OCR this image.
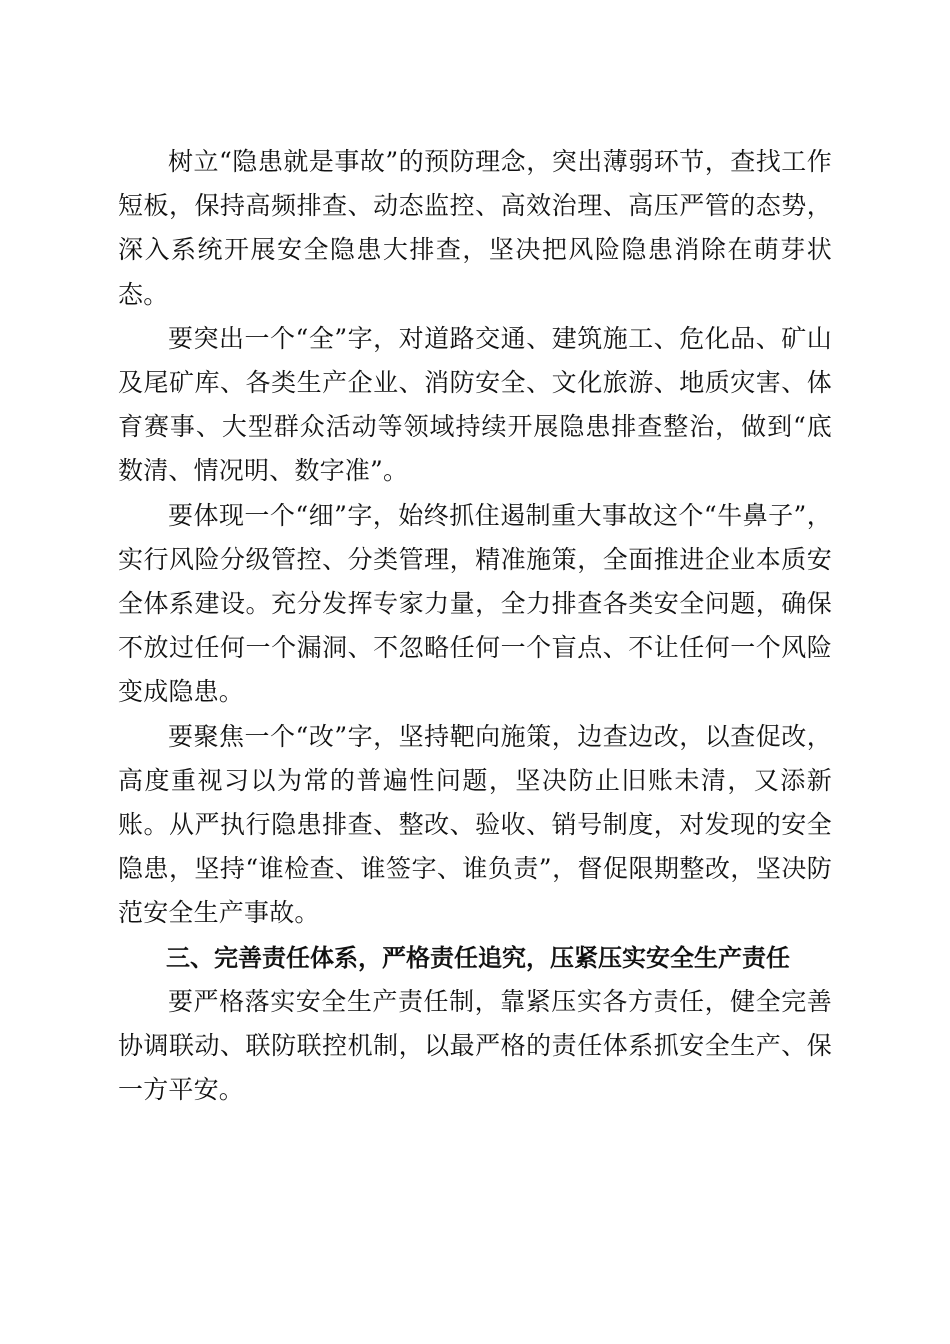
树立“隐患就是事故”的预防理念，突出薄弱环节，查找工作短板，保持高频排查、动态监控、高效治理、高压严管的态势，深入系统开展安全隐患大排查，坚决把风险隐患消除在萌芽状态。

要突出一个“全”字，对道路交通、建筑施工、危化品、矿山及尾矿库、各类生产企业、消防安全、文化旅游、地质灾害、体育赛事、大型群众活动等领域持续开展隐患排查整治，做到“底数清、情况明、数字准”。

要体现一个“细”字，始终抓住遏制重大事故这个“牛鼻子”，实行风险分级管控、分类管理，精准施策，全面推进企业本质安全体系建设。充分发挥专家力量，全力排查各类安全问题，确保不放过任何一个漏洞、不忽略任何一个盲点、不让任何一个风险变成隐患。

要聚焦一个“改”字，坚持靶向施策，边查边改，以查促改，高度重视习以为常的普遍性问题，坚决防止旧账未清，又添新账。从严执行隐患排查、整改、验收、销号制度，对发现的安全隐患，坚持“谁检查、谁签字、谁负责”，督促限期整改，坚决防范安全生产事故。

三、完善责任体系，严格责任追究，压紧压实安全生产责任

要严格落实安全生产责任制，靠紧压实各方责任，健全完善协调联动、联防联控机制，以最严格的责任体系抓安全生产、保一方平安。
